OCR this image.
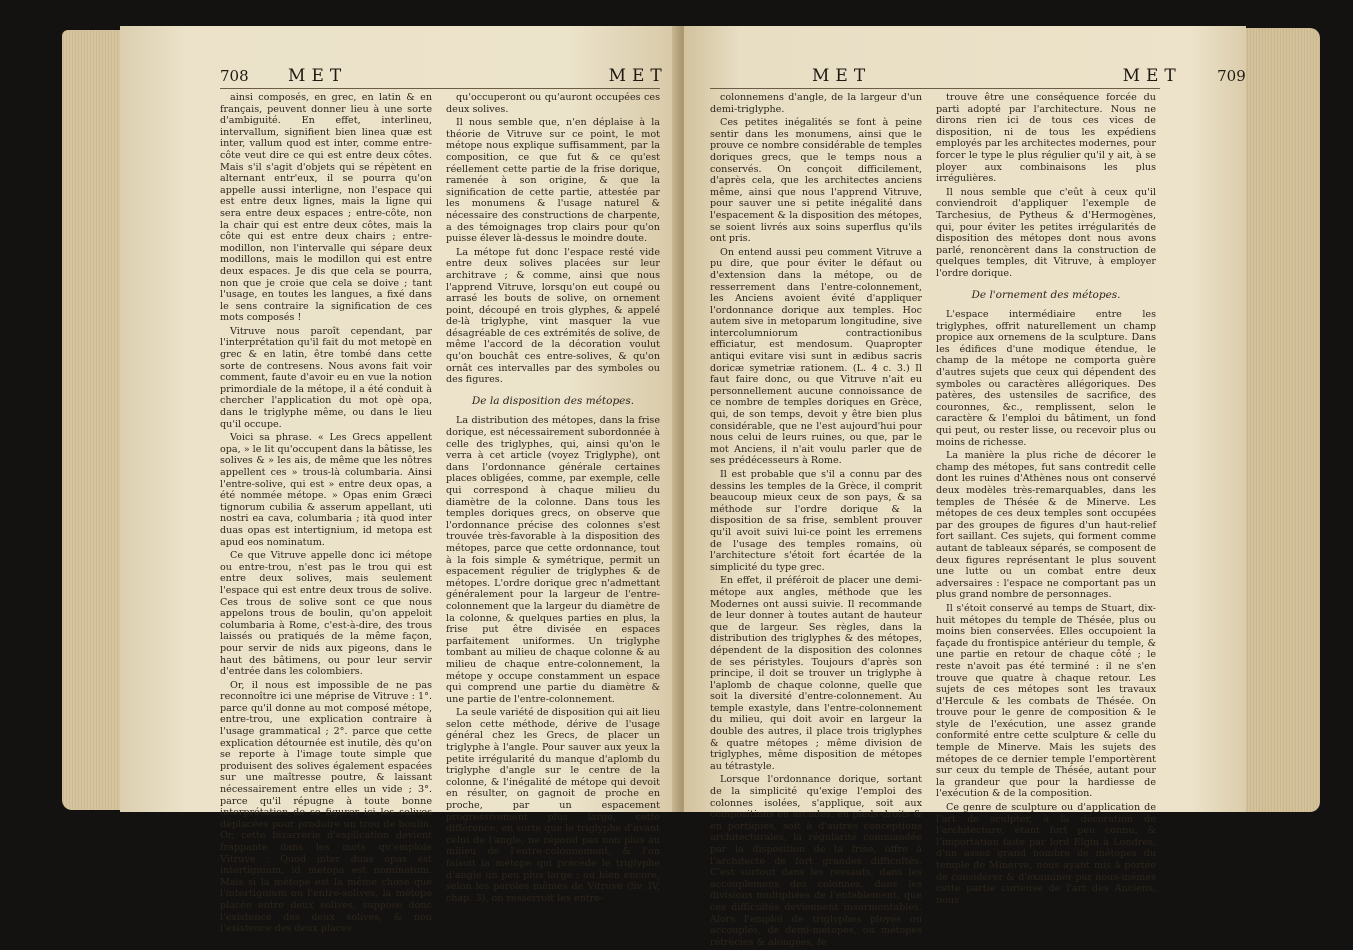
708 MET	MET

ainsi composés, en grec, en latin & en français, peuvent donner lieu à une sorte d'ambiguité. En effet, interlineu, intervallum, signifient bien linea quæ est inter, vallum quod est inter, comme entre-côte veut dire ce qui est entre deux côtes. Mais s'il s'agit d'objets qui se répètent en alternant entr'eux, il se pourra qu'on appelle aussi interligne, non l'espace qui est entre deux lignes, mais la ligne qui sera entre deux espaces ; entre-côte, non la chair qui est entre deux côtes, mais la côte qui est entre deux chairs ; entre-modillon, non l'intervalle qui sépare deux modillons, mais le modillon qui est entre deux espaces. Je dis que cela se pourra, non que je croie que cela se doive ; tant l'usage, en toutes les langues, a fixé dans le sens contraire la signification de ces mots composés !

Vitruve nous paroît cependant, par l'interprétation qu'il fait du mot metopè en grec & en latin, être tombé dans cette sorte de contresens. Nous avons fait voir comment, faute d'avoir eu en vue la notion primordiale de la métope, il a été conduit à chercher l'application du mot opè opa, dans le triglyphe même, ou dans le lieu qu'il occupe.

Voici sa phrase. « Les Grecs appellent opa, » le lit qu'occupent dans la bâtisse, les solives & » les ais, de même que les nôtres appellent ces » trous-là columbaria. Ainsi l'entre-solive, qui est » entre deux opas, a été nommée métope. » Opas enim Græci tignorum cubilia & asserum appellant, uti nostri ea cava, columbaria ; ità quod inter duas opas est intertignium, id metopa est apud eos nominatum.

Ce que Vitruve appelle donc ici métope ou entre-trou, n'est pas le trou qui est entre deux solives, mais seulement l'espace qui est entre deux trous de solive. Ces trous de solive sont ce que nous appelons trous de boulin, qu'on appeloit columbaria à Rome, c'est-à-dire, des trous laissés ou pratiqués de la même façon, pour servir de nids aux pigeons, dans le haut des bâtimens, ou pour leur servir d'entrée dans les colombiers.

Or, il nous est impossible de ne pas reconnoître ici une méprise de Vitruve : 1°. parce qu'il donne au mot composé métope, entre-trou, une explication contraire à l'usage grammatical ; 2°. parce que cette explication détournée est inutile, dès qu'on se reporte à l'image toute simple que produisent des solives également espacées sur une maîtresse poutre, & laissant nécessairement entre elles un vide ; 3°. parce qu'il répugne à toute bonne interprétation de se figurer ici les solives déplacées pour produire un trou de boulin. Or, cette bizarrerie d'explication devient frappante dans les mots qu'emploie Vitruve : Quod inter duas opas est intertignium, id metopa est nominatum. Mais si la métope est la même chose que l'intertignium ou l'entre-solives, la métope placée entre deux solives, suppose donc l'existence des deux solives, & non l'existence des deux places

qu'occuperont ou qu'auront occupées ces deux solives.

Il nous semble que, n'en déplaise à la théorie de Vitruve sur ce point, le mot métope nous explique suffisamment, par la composition, ce que fut & ce qu'est réellement cette partie de la frise dorique, ramenée à son origine, & que la signification de cette partie, attestée par les monumens & l'usage naturel & nécessaire des constructions de charpente, a des témoignages trop clairs pour qu'on puisse élever là-dessus le moindre doute.

La métope fut donc l'espace resté vide entre deux solives placées sur leur architrave ; & comme, ainsi que nous l'apprend Vitruve, lorsqu'on eut coupé ou arrasé les bouts de solive, on ornement point, découpé en trois glyphes, & appelé de-là triglyphe, vint masquer la vue désagréable de ces extrémités de solive, de même l'accord de la décoration voulut qu'on bouchât ces entre-solives, & qu'on ornât ces intervalles par des symboles ou des figures.

De la disposition des métopes.

La distribution des métopes, dans la frise dorique, est nécessairement subordonnée à celle des triglyphes, qui, ainsi qu'on le verra à cet article (voyez Triglyphe), ont dans l'ordonnance générale certaines places obligées, comme, par exemple, celle qui correspond à chaque milieu du diamètre de la colonne. Dans tous les temples doriques grecs, on observe que l'ordonnance précise des colonnes s'est trouvée très-favorable à la disposition des métopes, parce que cette ordonnance, tout à la fois simple & symétrique, permit un espacement régulier de triglyphes & de métopes. L'ordre dorique grec n'admettant généralement pour la largeur de l'entre-colonnement que la largeur du diamètre de la colonne, & quelques parties en plus, la frise put être divisée en espaces parfaitement uniformes. Un triglyphe tombant au milieu de chaque colonne & au milieu de chaque entre-colonnement, la métope y occupe constamment un espace qui comprend une partie du diamètre & une partie de l'entre-colonnement.

La seule variété de disposition qui ait lieu selon cette méthode, dérive de l'usage général chez les Grecs, de placer un triglyphe à l'angle. Pour sauver aux yeux la petite irrégularité du manque d'aplomb du triglyphe d'angle sur le centre de la colonne, & l'inégalité de métope qui devoit en résulter, on gagnoit de proche en proche, par un espacement progressivement plus large, cette différence, en sorte que le triglyphe d'avant celui de l'angle, ne répond pas non plus au milieu de l'entre-colonnement, & l'on faisoit la métope qui précède le triglyphe d'angle un peu plus large ; ou bien encore, selon les paroles mêmes de Vitruve (liv. IV, chap. 3), on resserroit les entre-

MET	MET 709

colonnemens d'angle, de la largeur d'un demi-triglyphe.

Ces petites inégalités se font à peine sentir dans les monumens, ainsi que le prouve ce nombre considérable de temples doriques grecs, que le temps nous a conservés. On conçoit difficilement, d'après cela, que les architectes anciens même, ainsi que nous l'apprend Vitruve, pour sauver une si petite inégalité dans l'espacement & la disposition des métopes, se soient livrés aux soins superflus qu'ils ont pris.

On entend aussi peu comment Vitruve a pu dire, que pour éviter le défaut ou d'extension dans la métope, ou de resserrement dans l'entre-colonnement, les Anciens avoient évité d'appliquer l'ordonnance dorique aux temples. Hoc autem sive in metoparum longitudine, sive intercolumniorum contractionibus efficiatur, est mendosum. Quapropter antiqui evitare visi sunt in ædibus sacris doricæ symetriæ rationem. (L. 4 c. 3.) Il faut faire donc, ou que Vitruve n'ait eu personnellement aucune connoissance de ce nombre de temples doriques en Grèce, qui, de son temps, devoit y être bien plus considérable, que ne l'est aujourd'hui pour nous celui de leurs ruines, ou que, par le mot Anciens, il n'ait voulu parler que de ses prédécesseurs à Rome.

Il est probable que s'il a connu par des dessins les temples de la Grèce, il comprit beaucoup mieux ceux de son pays, & sa méthode sur l'ordre dorique & la disposition de sa frise, semblent prouver qu'il avoit suivi lui-ce point les erremens de l'usage des temples romains, où l'architecture s'étoit fort écartée de la simplicité du type grec.

En effet, il préféroit de placer une demi-métope aux angles, méthode que les Modernes ont aussi suivie. Il recommande de leur donner à toutes autant de hauteur que de largeur. Ses règles, dans la distribution des triglyphes & des métopes, dépendent de la disposition des colonnes de ses péristyles. Toujours d'après son principe, il doit se trouver un triglyphe à l'aplomb de chaque colonne, quelle que soit la diversité d'entre-colonnement. Au temple exastyle, dans l'entre-colonnement du milieu, qui doit avoir en largeur la double des autres, il place trois triglyphes & quatre métopes ; même division de triglyphes, même disposition de métopes au tétrastyle.

Lorsque l'ordonnance dorique, sortant de la simplicité qu'exige l'emploi des colonnes isolées, s'applique, soit aux compositions en arcades, en pieds-droits & en portiques, soit à d'autres conceptions architecturales, la régularité commandée par la disposition de la frise, offre à l'architecte de fort grandes difficultés. C'est surtout dans les ressauts, dans les accouplemens des colonnes, dans les divisions multipliées de l'entablement, que ces difficultés deviennent insurmontables. Alors l'emploi de triglyphes ployés ou accouplés, de demi-métopes, ou métopes rétrécies & alongées, fe

trouve être une conséquence forcée du parti adopté par l'architecture. Nous ne dirons rien ici de tous ces vices de disposition, ni de tous les expédiens employés par les architectes modernes, pour forcer le type le plus régulier qu'il y ait, à se ployer aux combinaisons les plus irrégulières.

Il nous semble que c'eût à ceux qu'il conviendroit d'appliquer l'exemple de Tarchesius, de Pytheus & d'Hermogènes, qui, pour éviter les petites irrégularités de disposition des métopes dont nous avons parlé, renoncèrent dans la construction de quelques temples, dit Vitruve, à employer l'ordre dorique.

De l'ornement des métopes.

L'espace intermédiaire entre les triglyphes, offrit naturellement un champ propice aux ornemens de la sculpture. Dans les édifices d'une modique étendue, le champ de la métope ne comporta guère d'autres sujets que ceux qui dépendent des symboles ou caractères allégoriques. Des patères, des ustensiles de sacrifice, des couronnes, &c., remplissent, selon le caractère & l'emploi du bâtiment, un fond qui peut, ou rester lisse, ou recevoir plus ou moins de richesse.

La manière la plus riche de décorer le champ des métopes, fut sans contredit celle dont les ruines d'Athènes nous ont conservé deux modèles très-remarquables, dans les temples de Thésée & de Minerve. Les métopes de ces deux temples sont occupées par des groupes de figures d'un haut-relief fort saillant. Ces sujets, qui forment comme autant de tableaux séparés, se composent de deux figures représentant le plus souvent une lutte ou un combat entre deux adversaires : l'espace ne comportant pas un plus grand nombre de personnages.

Il s'étoit conservé au temps de Stuart, dix-huit métopes du temple de Thésée, plus ou moins bien conservées. Elles occupoient la façade du frontispice antérieur du temple, & une partie en retour de chaque côté ; le reste n'avoit pas été terminé : il ne s'en trouve que quatre à chaque retour. Les sujets de ces métopes sont les travaux d'Hercule & les combats de Thésée. On trouve pour le genre de composition & le style de l'exécution, une assez grande conformité entre cette sculpture & celle du temple de Minerve. Mais les sujets des métopes de ce dernier temple l'emportèrent sur ceux du temple de Thésée, autant pour la grandeur que pour la hardiesse de l'exécution & de la composition.

Ce genre de sculpture ou d'application de l'art de sculpter, à la décoration de l'architecture, étant fort peu connu, & l'importation faite par lord Elgin à Londres, d'un assez grand nombre de métopes du temple de Minerve, nous ayant mis à portée de considérer & d'examiner par nous-mêmes cette partie curieuse de l'art des Anciens, nous
